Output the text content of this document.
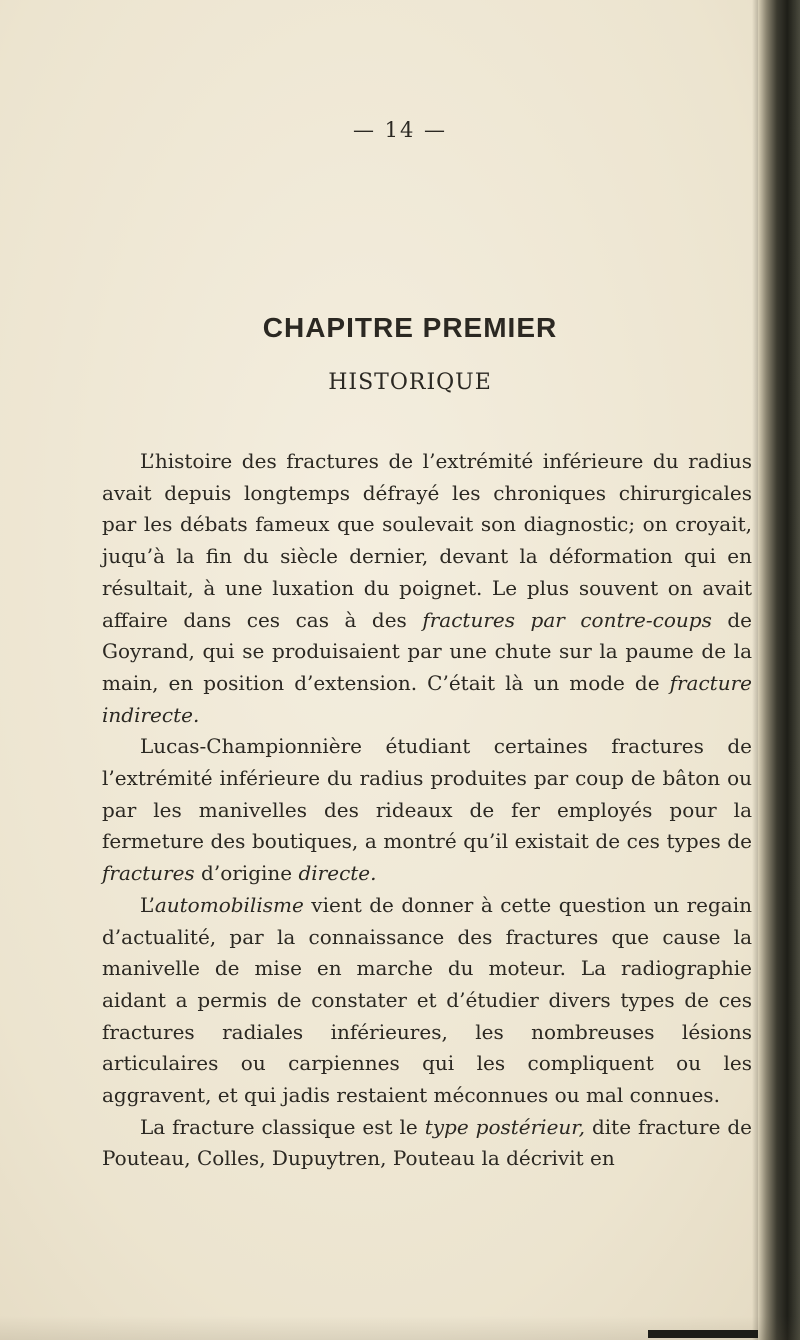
— 14 —
CHAPITRE PREMIER
HISTORIQUE

L’histoire des fractures de l’extrémité inférieure du radius avait depuis longtemps défrayé les chroniques chirurgicales par les débats fameux que soulevait son diagnostic; on croyait, juqu’à la fin du siècle dernier, devant la déformation qui en résultait, à une luxation du poignet. Le plus souvent on avait affaire dans ces cas à des fractures par contre-coups de Goyrand, qui se produisaient par une chute sur la paume de la main, en position d’extension. C’était là un mode de fracture indirecte.

Lucas-Championnière étudiant certaines fractures de l’extrémité inférieure du radius produites par coup de bâton ou par les manivelles des rideaux de fer employés pour la fermeture des boutiques, a montré qu’il existait de ces types de fractures d’origine directe.

L’automobilisme vient de donner à cette question un regain d’actualité, par la connaissance des fractures que cause la manivelle de mise en marche du moteur. La radiographie aidant a permis de constater et d’étudier divers types de ces fractures radiales inférieures, les nombreuses lésions articulaires ou carpiennes qui les compliquent ou les aggravent, et qui jadis restaient méconnues ou mal connues.

La fracture classique est le type postérieur, dite fracture de Pouteau, Colles, Dupuytren, Pouteau la décrivit en
